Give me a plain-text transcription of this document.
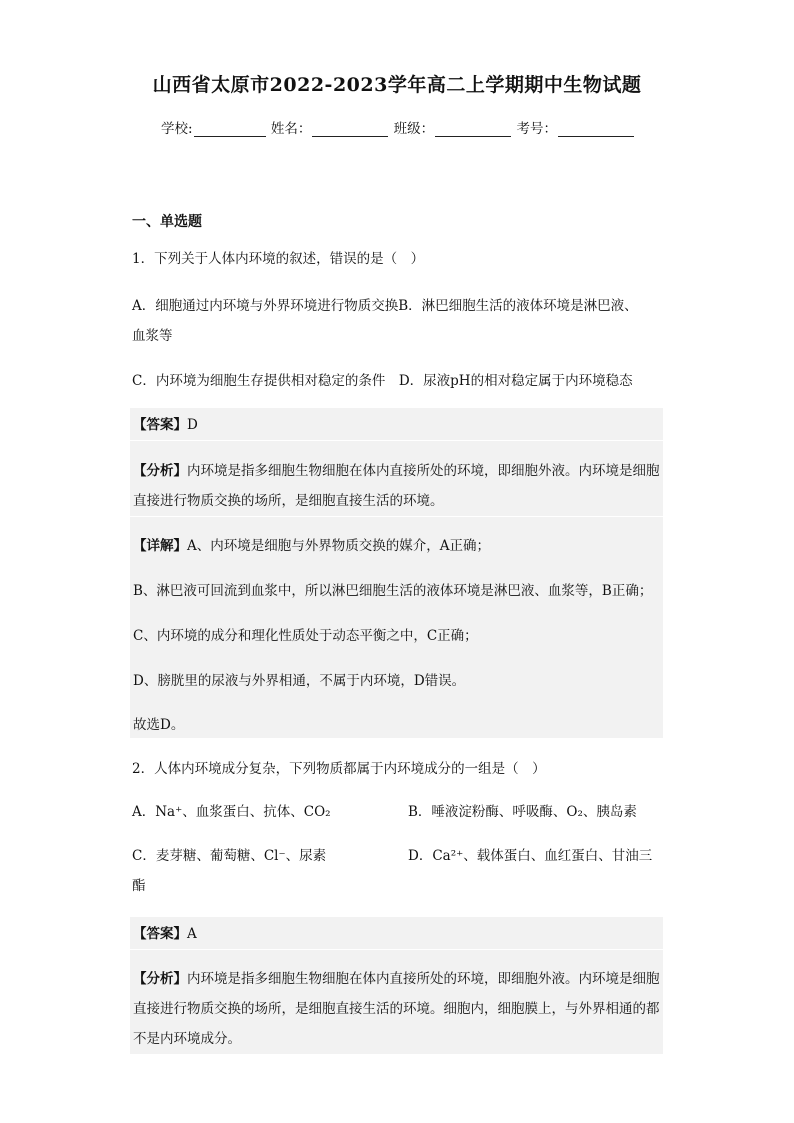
山西省太原市2022-2023学年高二上学期期中生物试题
学校:	姓名：	班级：	考号：
一、单选题
1．下列关于人体内环境的叙述，错误的是（　）
A．细胞通过内环境与外界环境进行物质交换B．淋巴细胞生活的液体环境是淋巴液、
血浆等
C．内环境为细胞生存提供相对稳定的条件　D．尿液pH的相对稳定属于内环境稳态

【答案】D

【分析】内环境是指多细胞生物细胞在体内直接所处的环境，即细胞外液。内环境是细胞直接进行物质交换的场所，是细胞直接生活的环境。

【详解】A、内环境是细胞与外界物质交换的媒介，A正确；

B、淋巴液可回流到血浆中，所以淋巴细胞生活的液体环境是淋巴液、血浆等，B正确；

C、内环境的成分和理化性质处于动态平衡之中，C正确；

D、膀胱里的尿液与外界相通，不属于内环境，D错误。

故选D。

2．人体内环境成分复杂，下列物质都属于内环境成分的一组是（　）
A．Na⁺、血浆蛋白、抗体、CO₂	B．唾液淀粉酶、呼吸酶、O₂、胰岛素
C．麦芽糖、葡萄糖、Cl⁻、尿素	D．Ca²⁺、载体蛋白、血红蛋白、甘油三
酯

【答案】A

【分析】内环境是指多细胞生物细胞在体内直接所处的环境，即细胞外液。内环境是细胞直接进行物质交换的场所，是细胞直接生活的环境。细胞内，细胞膜上，与外界相通的都不是内环境成分。
